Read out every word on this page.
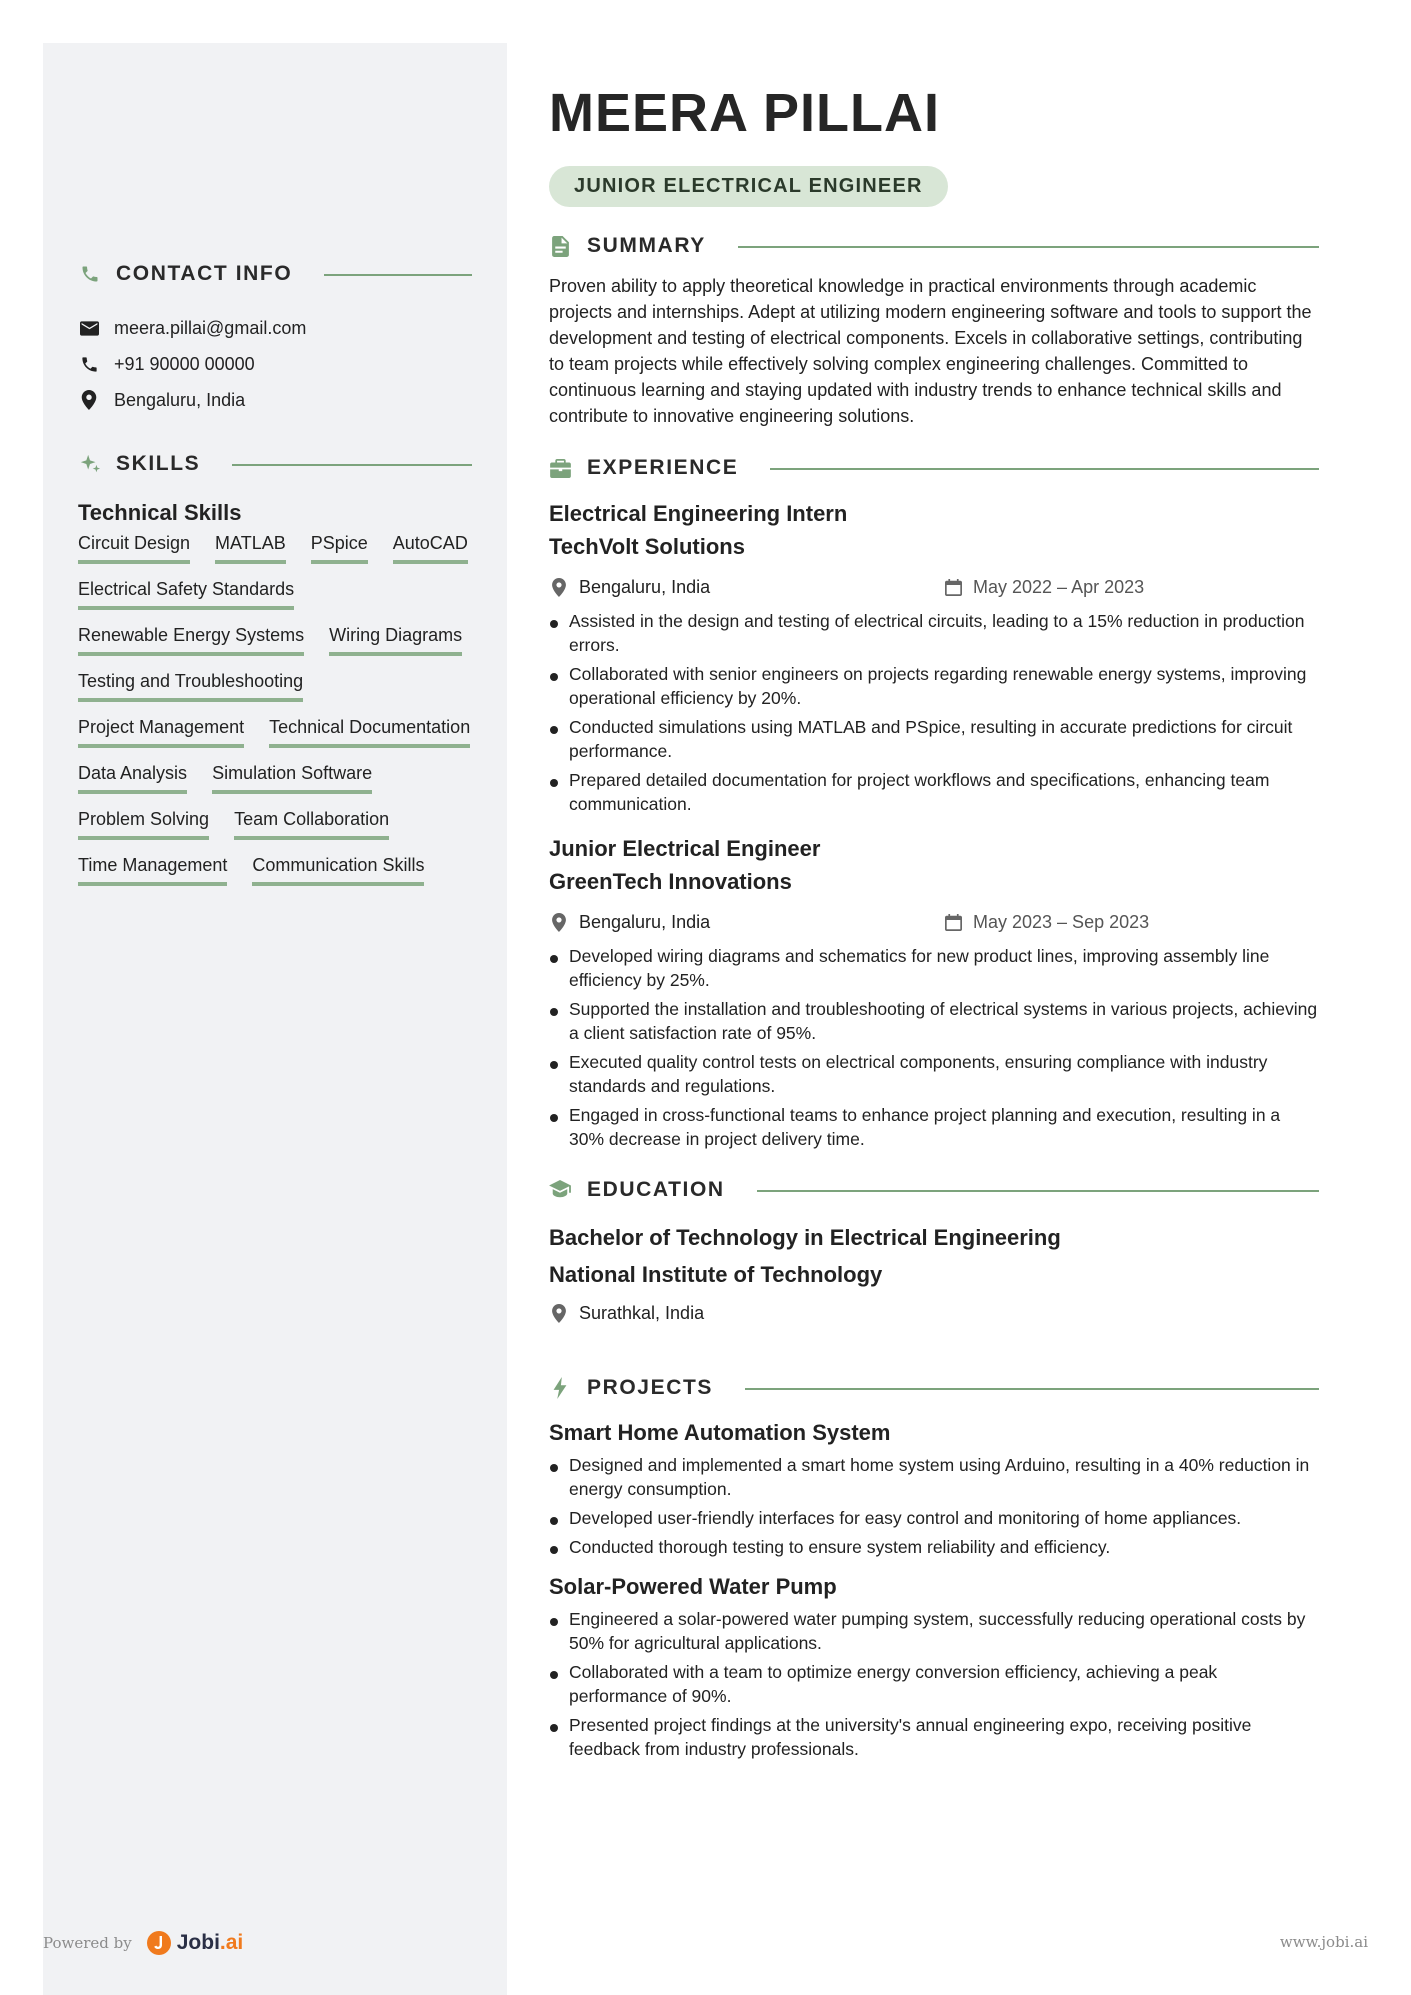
CONTACT INFO
meera.pillai@gmail.com
+91 90000 00000
Bengaluru, India
SKILLS
Technical Skills
Circuit Design MATLAB PSpice AutoCAD
Electrical Safety Standards
Renewable Energy Systems Wiring Diagrams
Testing and Troubleshooting
Project Management Technical Documentation
Data Analysis Simulation Software
Problem Solving Team Collaboration
Time Management Communication Skills
MEERA PILLAI
JUNIOR ELECTRICAL ENGINEER
SUMMARY
Proven ability to apply theoretical knowledge in practical environments through academic projects and internships. Adept at utilizing modern engineering software and tools to support the development and testing of electrical components. Excels in collaborative settings, contributing to team projects while effectively solving complex engineering challenges. Committed to continuous learning and staying updated with industry trends to enhance technical skills and contribute to innovative engineering solutions.
EXPERIENCE
Electrical Engineering Intern
TechVolt Solutions
Bengaluru, India	May 2022 – Apr 2023
Assisted in the design and testing of electrical circuits, leading to a 15% reduction in production errors.
Collaborated with senior engineers on projects regarding renewable energy systems, improving operational efficiency by 20%.
Conducted simulations using MATLAB and PSpice, resulting in accurate predictions for circuit performance.
Prepared detailed documentation for project workflows and specifications, enhancing team communication.
Junior Electrical Engineer
GreenTech Innovations
Bengaluru, India	May 2023 – Sep 2023
Developed wiring diagrams and schematics for new product lines, improving assembly line efficiency by 25%.
Supported the installation and troubleshooting of electrical systems in various projects, achieving a client satisfaction rate of 95%.
Executed quality control tests on electrical components, ensuring compliance with industry standards and regulations.
Engaged in cross-functional teams to enhance project planning and execution, resulting in a 30% decrease in project delivery time.
EDUCATION
Bachelor of Technology in Electrical Engineering
National Institute of Technology
Surathkal, India
PROJECTS
Smart Home Automation System
Designed and implemented a smart home system using Arduino, resulting in a 40% reduction in energy consumption.
Developed user-friendly interfaces for easy control and monitoring of home appliances.
Conducted thorough testing to ensure system reliability and efficiency.
Solar-Powered Water Pump
Engineered a solar-powered water pumping system, successfully reducing operational costs by 50% for agricultural applications.
Collaborated with a team to optimize energy conversion efficiency, achieving a peak performance of 90%.
Presented project findings at the university's annual engineering expo, receiving positive feedback from industry professionals.
Powered by Jobi .ai	www.jobi.ai
